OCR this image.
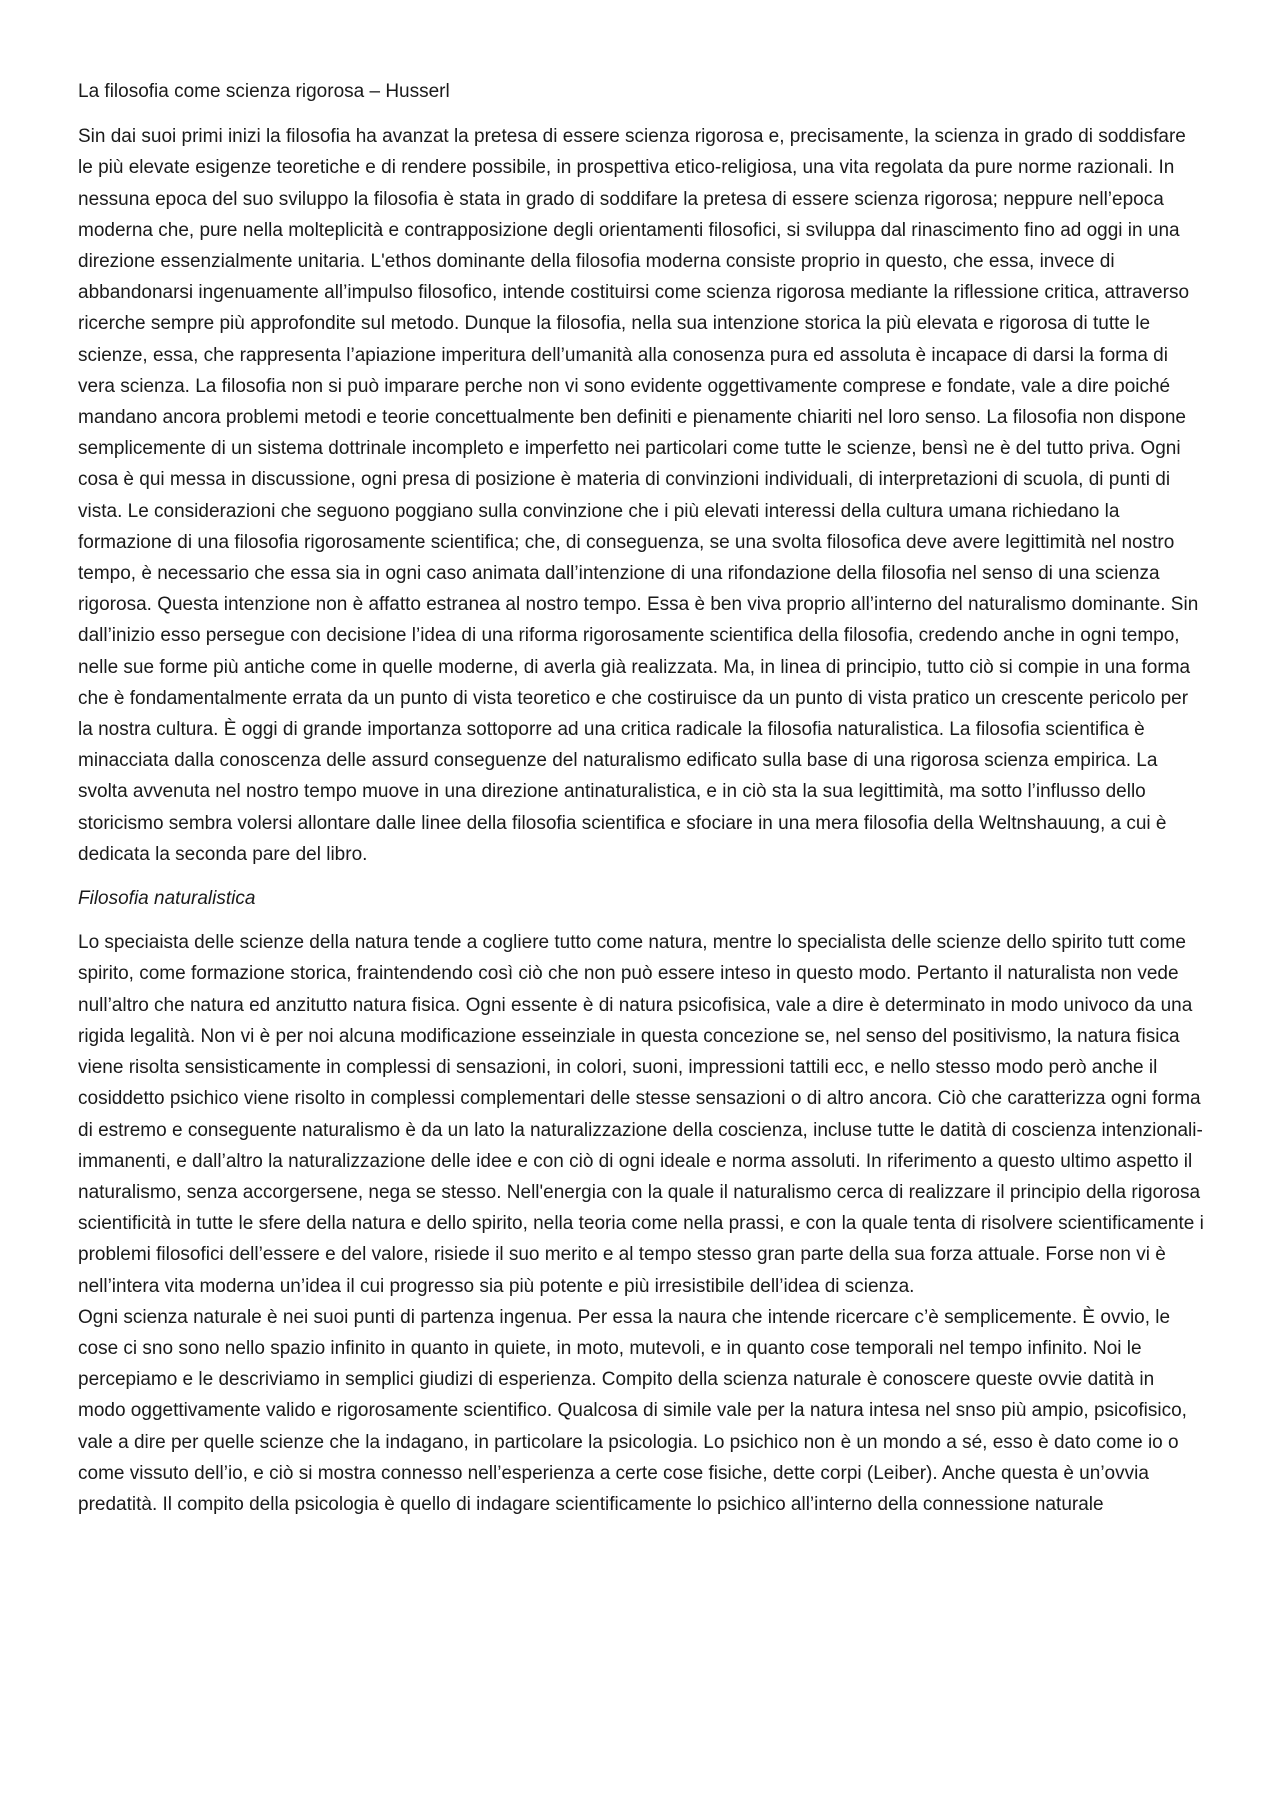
La filosofia come scienza rigorosa – Husserl

Sin dai suoi primi inizi la filosofia ha avanzat la pretesa di essere scienza rigorosa e, precisamente, la scienza in grado di soddisfare le più elevate esigenze teoretiche e di rendere possibile, in prospettiva etico-religiosa, una vita regolata da pure norme razionali. In nessuna epoca del suo sviluppo la filosofia è stata in grado di soddifare la pretesa di essere scienza rigorosa; neppure nell’epoca moderna che, pure nella molteplicità e contrapposizione degli orientamenti filosofici, si sviluppa dal rinascimento fino ad oggi in una direzione essenzialmente unitaria. L'ethos dominante della filosofia moderna consiste proprio in questo, che essa, invece di abbandonarsi ingenuamente all’impulso filosofico, intende costituirsi come scienza rigorosa mediante la riflessione critica, attraverso ricerche sempre più approfondite sul metodo. Dunque la filosofia, nella sua intenzione storica la più elevata e rigorosa di tutte le scienze, essa, che rappresenta l’apiazione imperitura dell’umanità alla conosenza pura ed assoluta è incapace di darsi la forma di vera scienza. La filosofia non si può imparare perche non vi sono evidente oggettivamente comprese e fondate, vale a dire poiché mandano ancora problemi metodi e teorie concettualmente ben definiti e pienamente chiariti nel loro senso. La filosofia non dispone semplicemente di un sistema dottrinale incompleto e imperfetto nei particolari come tutte le scienze, bensì ne è del tutto priva. Ogni cosa è qui messa in discussione, ogni presa di posizione è materia di convinzioni individuali, di interpretazioni di scuola, di punti di vista. Le considerazioni che seguono poggiano sulla convinzione che i più elevati interessi della cultura umana richiedano la formazione di una filosofia rigorosamente scientifica; che, di conseguenza, se una svolta filosofica deve avere legittimità nel nostro tempo, è necessario che essa sia in ogni caso animata dall’intenzione di una rifondazione della filosofia nel senso di una scienza rigorosa. Questa intenzione non è affatto estranea al nostro tempo. Essa è ben viva proprio all’interno del naturalismo dominante. Sin dall’inizio esso persegue con decisione l’idea di una riforma rigorosamente scientifica della filosofia, credendo anche in ogni tempo, nelle sue forme più antiche come in quelle moderne, di averla già realizzata. Ma, in linea di principio, tutto ciò si compie in una forma che è fondamentalmente errata da un punto di vista teoretico e che costiruisce da un punto di vista pratico un crescente pericolo per la nostra cultura. È oggi di grande importanza sottoporre ad una critica radicale la filosofia naturalistica. La filosofia scientifica è minacciata dalla conoscenza delle assurd conseguenze del naturalismo edificato sulla base di una rigorosa scienza empirica. La svolta avvenuta nel nostro tempo muove in una direzione antinaturalistica, e in ciò sta la sua legittimità, ma sotto l’influsso dello storicismo sembra volersi allontare dalle linee della filosofia scientifica e sfociare in una mera filosofia della Weltnshauung, a cui è dedicata la seconda pare del libro.

Filosofia naturalistica

Lo speciaista delle scienze della natura tende a cogliere tutto come natura, mentre lo specialista delle scienze dello spirito tutt come spirito, come formazione storica, fraintendendo così ciò che non può essere inteso in questo modo. Pertanto il naturalista non vede null’altro che natura ed anzitutto natura fisica. Ogni essente è di natura psicofisica, vale a dire è determinato in modo univoco da una rigida legalità. Non vi è per noi alcuna modificazione esseinziale in questa concezione se, nel senso del positivismo, la natura fisica viene risolta sensisticamente in complessi di sensazioni, in colori, suoni, impressioni tattili ecc, e nello stesso modo però anche il cosiddetto psichico viene risolto in complessi complementari delle stesse sensazioni o di altro ancora. Ciò che caratterizza ogni forma di estremo e conseguente naturalismo è da un lato la naturalizzazione della coscienza, incluse tutte le datità di coscienza intenzionali-immanenti, e dall’altro la naturalizzazione delle idee e con ciò di ogni ideale e norma assoluti. In riferimento a questo ultimo aspetto il naturalismo, senza accorgersene, nega se stesso. Nell'energia con la quale il naturalismo cerca di realizzare il principio della rigorosa scientificità in tutte le sfere della natura e dello spirito, nella teoria come nella prassi, e con la quale tenta di risolvere scientificamente i problemi filosofici dell’essere e del valore, risiede il suo merito e al tempo stesso gran parte della sua forza attuale. Forse non vi è nell’intera vita moderna un’idea il cui progresso sia più potente e più irresistibile dell’idea di scienza.

Ogni scienza naturale è nei suoi punti di partenza ingenua. Per essa la naura che intende ricercare c’è semplicemente. È ovvio, le cose ci sno sono nello spazio infinito in quanto in quiete, in moto, mutevoli, e in quanto cose temporali nel tempo infinito. Noi le percepiamo e le descriviamo in semplici giudizi di esperienza. Compito della scienza naturale è conoscere queste ovvie datità in modo oggettivamente valido e rigorosamente scientifico. Qualcosa di simile vale per la natura intesa nel snso più ampio, psicofisico, vale a dire per quelle scienze che la indagano, in particolare la psicologia. Lo psichico non è un mondo a sé, esso è dato come io o come vissuto dell’io, e ciò si mostra connesso nell’esperienza a certe cose fisiche, dette corpi (Leiber). Anche questa è un’ovvia predatità. Il compito della psicologia è quello di indagare scientificamente lo psichico all’interno della connessione naturale
